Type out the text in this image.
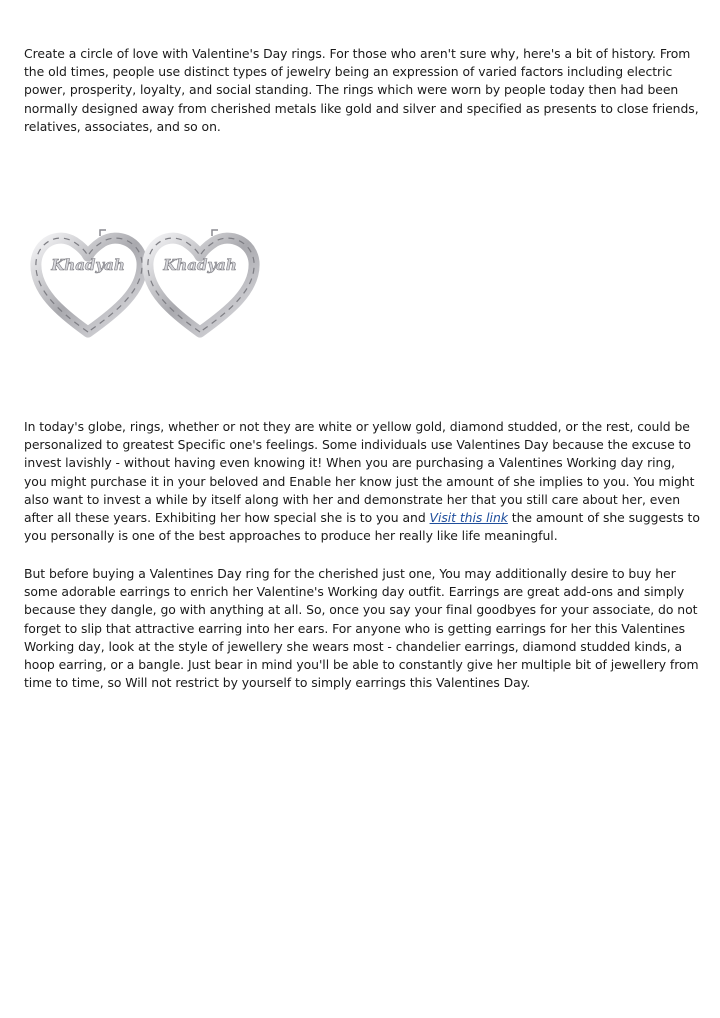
Create a circle of love with Valentine's Day rings. For those who aren't sure why, here's a bit of history. From the old times, people use distinct types of jewelry being an expression of varied factors including electric power, prosperity, loyalty, and social standing. The rings which were worn by people today then had been normally designed away from cherished metals like gold and silver and specified as presents to close friends, relatives, associates, and so on.

Khadyah	Khadyah

In today's globe, rings, whether or not they are white or yellow gold, diamond studded, or the rest, could be personalized to greatest Specific one's feelings. Some individuals use Valentines Day because the excuse to invest lavishly - without having even knowing it! When you are purchasing a Valentines Working day ring, you might purchase it in your beloved and Enable her know just the amount of she implies to you. You might also want to invest a while by itself along with her and demonstrate her that you still care about her, even after all these years. Exhibiting her how special she is to you and Visit this link the amount of she suggests to you personally is one of the best approaches to produce her really like life meaningful.

But before buying a Valentines Day ring for the cherished just one, You may additionally desire to buy her some adorable earrings to enrich her Valentine's Working day outfit. Earrings are great add-ons and simply because they dangle, go with anything at all. So, once you say your final goodbyes for your associate, do not forget to slip that attractive earring into her ears. For anyone who is getting earrings for her this Valentines Working day, look at the style of jewellery she wears most - chandelier earrings, diamond studded kinds, a hoop earring, or a bangle. Just bear in mind you'll be able to constantly give her multiple bit of jewellery from time to time, so Will not restrict by yourself to simply earrings this Valentines Day.
